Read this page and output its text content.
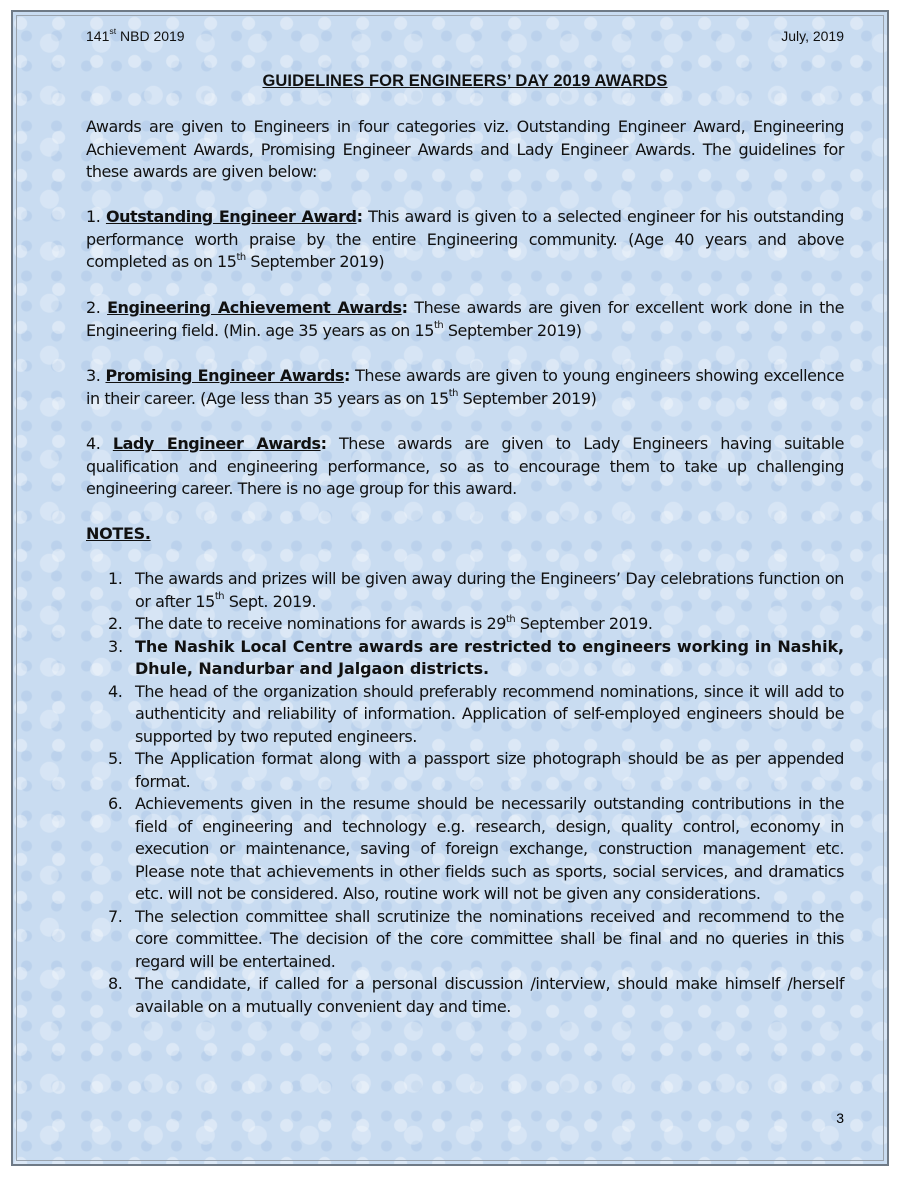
141st NBD 2019	July, 2019
GUIDELINES FOR ENGINEERS’ DAY 2019 AWARDS

Awards are given to Engineers in four categories viz. Outstanding Engineer Award, Engineering Achievement Awards, Promising Engineer Awards and Lady Engineer Awards. The guidelines for these awards are given below:

1. Outstanding Engineer Award: This award is given to a selected engineer for his outstanding performance worth praise by the entire Engineering community. (Age 40 years and above completed as on 15th September 2019)

2. Engineering Achievement Awards: These awards are given for excellent work done in the Engineering field. (Min. age 35 years as on 15th September 2019)

3. Promising Engineer Awards: These awards are given to young engineers showing excellence in their career. (Age less than 35 years as on 15th September 2019)

4. Lady Engineer Awards: These awards are given to Lady Engineers having suitable qualification and engineering performance, so as to encourage them to take up challenging engineering career. There is no age group for this award.

NOTES.
1. The awards and prizes will be given away during the Engineers’ Day celebrations function on or after 15th Sept. 2019.
2. The date to receive nominations for awards is 29th September 2019.
3. The Nashik Local Centre awards are restricted to engineers working in Nashik, Dhule, Nandurbar and Jalgaon districts.
4. The head of the organization should preferably recommend nominations, since it will add to authenticity and reliability of information. Application of self-employed engineers should be supported by two reputed engineers.
5. The Application format along with a passport size photograph should be as per appended format.
6. Achievements given in the resume should be necessarily outstanding contributions in the field of engineering and technology e.g. research, design, quality control, economy in execution or maintenance, saving of foreign exchange, construction management etc. Please note that achievements in other fields such as sports, social services, and dramatics etc. will not be considered. Also, routine work will not be given any considerations.
7. The selection committee shall scrutinize the nominations received and recommend to the core committee. The decision of the core committee shall be final and no queries in this regard will be entertained.
8. The candidate, if called for a personal discussion /interview, should make himself /herself available on a mutually convenient day and time.
3
